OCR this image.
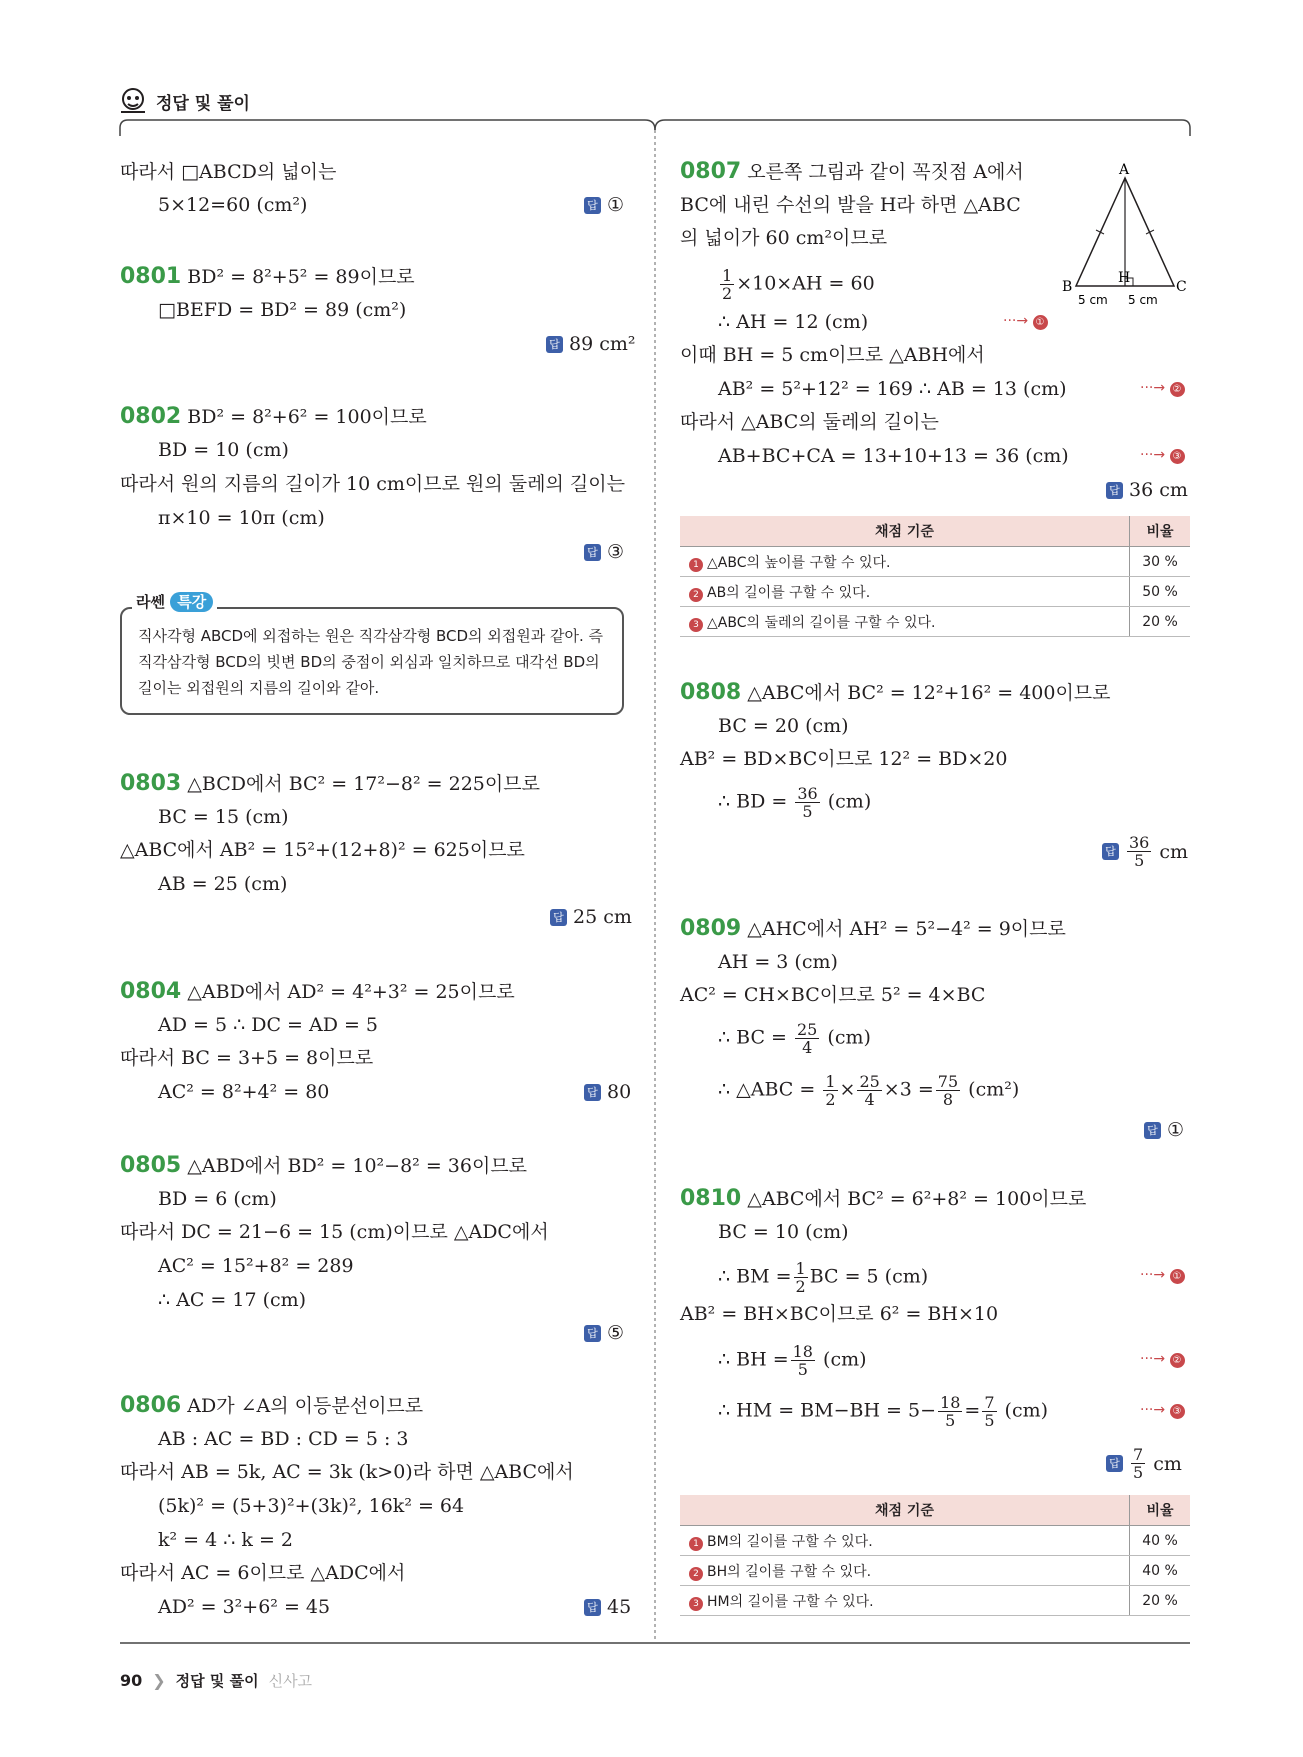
정답 및 풀이
따라서 □ABCD의 넓이는
5×12=60 (cm²)	답 ①
0801 BD² = 8²+5² = 89이므로
□BEFD = BD² = 89 (cm²)
답 89 cm²
0802 BD² = 8²+6² = 100이므로
BD = 10 (cm)
따라서 원의 지름의 길이가 10 cm이므로 원의 둘레의 길이는
π×10 = 10π (cm)
답 ③
라쎈 특강
직사각형 ABCD에 외접하는 원은 직각삼각형 BCD의 외접원과 같아. 즉 직각삼각형 BCD의 빗변 BD의 중점이 외심과 일치하므로 대각선 BD의 길이는 외접원의 지름의 길이와 같아.
0803 △BCD에서 BC² = 17²−8² = 225이므로
BC = 15 (cm)
△ABC에서 AB² = 15²+(12+8)² = 625이므로
AB = 25 (cm)
답 25 cm
0804 △ABD에서 AD² = 4²+3² = 25이므로
AD = 5 ∴ DC = AD = 5
따라서 BC = 3+5 = 8이므로
AC² = 8²+4² = 80	답 80
0805 △ABD에서 BD² = 10²−8² = 36이므로
BD = 6 (cm)
따라서 DC = 21−6 = 15 (cm)이므로 △ADC에서
AC² = 15²+8² = 289
∴ AC = 17 (cm)
답 ⑤
0806 AD가 ∠A의 이등분선이므로
AB : AC = BD : CD = 5 : 3
따라서 AB = 5k, AC = 3k (k>0)라 하면 △ABC에서
(5k)² = (5+3)²+(3k)², 16k² = 64
k² = 4 ∴ k = 2
따라서 AC = 6이므로 △ADC에서
AD² = 3²+6² = 45	답 45
0807 오른쪽 그림과 같이 꼭짓점 A에서
BC에 내린 수선의 발을 H라 하면 △ABC
의 넓이가 60 cm²이므로
A
B	C
H
5 cm 5 cm
$\frac{1}{2} \times 10\times AH = 60$
∴ AH = 12 (cm)	···→ ①
이때 BH = 5 cm이므로 △ABH에서
AB² = 5²+12² = 169 ∴ AB = 13 (cm)	···→ ②
따라서 △ABC의 둘레의 길이는
AB+BC+CA = 13+10+13 = 36 (cm)	···→ ③
답 36 cm
채점 기준	비율
1 △ABC의 높이를 구할 수 있다.	30 %
2 AB의 길이를 구할 수 있다.	50 %
3 △ABC의 둘레의 길이를 구할 수 있다.	20 %
0808 △ABC에서 BC² = 12²+16² = 400이므로
BC = 20 (cm)
AB² = BD×BC이므로 12² = BD×20
∴ BD = $\frac{36}{5} (cm)$
답 $\frac{36}{5}$ cm
0809 △AHC에서 AH² = 5²−4² = 9이므로
AH = 3 (cm)
AC² = CH×BC이므로 5² = 4×BC
∴ BC = $\frac{25}{4} (cm)$
∴ △ABC = $\frac{1}{2} \times \frac{25}{4} \times 3 = \frac{75}{8} (cm^2)$
답 ①
0810 △ABC에서 BC² = 6²+8² = 100이므로
BC = 10 (cm)
∴ BM = $\frac{1}{2}$ BC = 5 (cm)	···→ ①
AB² = BH×BC이므로 6² = BH×10
∴ BH = $\frac{18}{5} (cm)$	···→ ②
∴ HM = $BM-BH = 5- \frac{18}{5} = \frac{7}{5} (cm)$	···→ ③
답 $\frac{7}{5}$ cm
채점 기준	비율
1 BM의 길이를 구할 수 있다.	40 %
2 BH의 길이를 구할 수 있다.	40 %
3 HM의 길이를 구할 수 있다.	20 %
90 ❯ 정답 및 풀이 신사고
